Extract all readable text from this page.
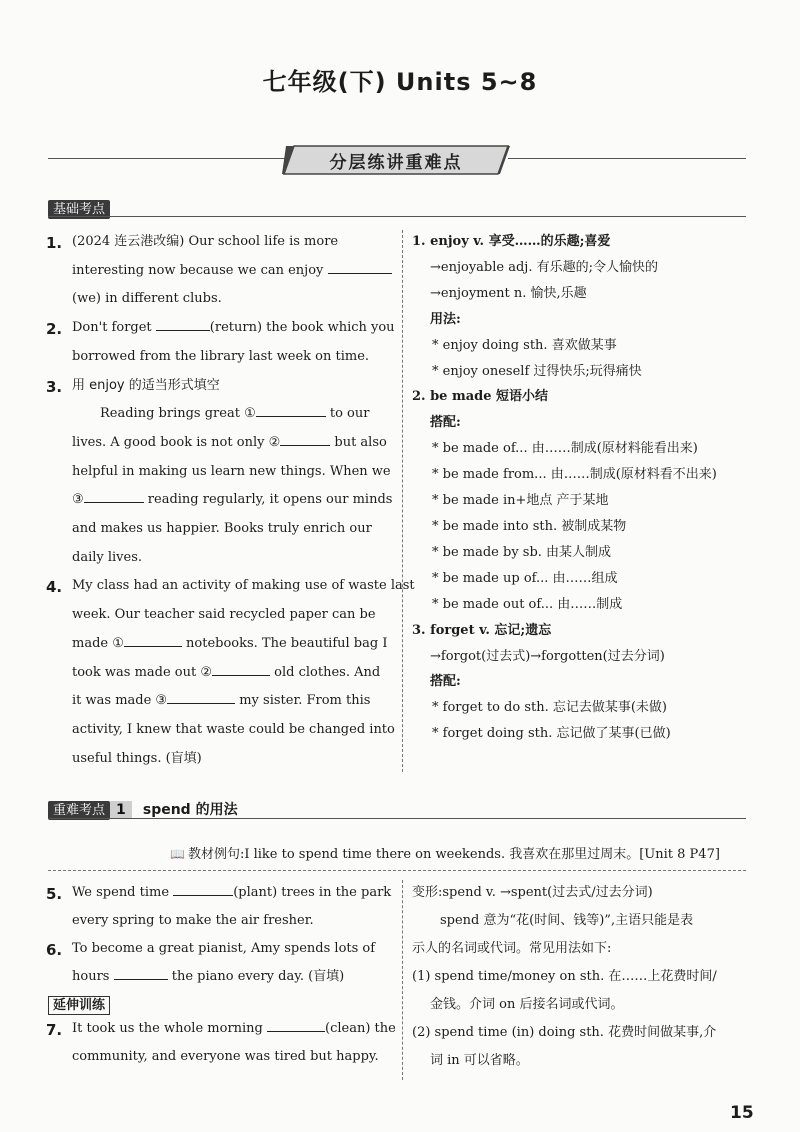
七年级(下) Units 5~8
分层练讲重难点
基础考点
1. (2024 连云港改编) Our school life is more
interesting now because we can enjoy
(we) in different clubs.
2. Don't forget	(return) the book which you
borrowed from the library last week on time.
3. 用 enjoy 的适当形式填空
Reading brings great ①	to our
lives. A good book is not only ②	but also
helpful in making us learn new things. When we
③	reading regularly, it opens our minds
and makes us happier. Books truly enrich our
daily lives.
4. My class had an activity of making use of waste last
week. Our teacher said recycled paper can be
made ①	notebooks. The beautiful bag I
took was made out ②	old clothes. And
it was made ③	my sister. From this
activity, I knew that waste could be changed into
useful things. (盲填)
1. enjoy v. 享受……的乐趣;喜爱
→enjoyable adj. 有乐趣的;令人愉快的
→enjoyment n. 愉快,乐趣
用法:
* enjoy doing sth. 喜欢做某事
* enjoy oneself 过得快乐;玩得痛快
2. be made 短语小结
搭配:
* be made of... 由……制成(原材料能看出来)
* be made from... 由……制成(原材料看不出来)
* be made in+地点 产于某地
* be made into sth. 被制成某物
* be made by sb. 由某人制成
* be made up of... 由……组成
* be made out of... 由……制成
3. forget v. 忘记;遗忘
→forgot(过去式)→forgotten(过去分词)
搭配:
* forget to do sth. 忘记去做某事(未做)
* forget doing sth. 忘记做了某事(已做)
重难考点 1 spend 的用法
📖 教材例句:I like to spend time there on weekends. 我喜欢在那里过周末。[Unit 8 P47]
5. We spend time	(plant) trees in the park
every spring to make the air fresher.
6. To become a great pianist, Amy spends lots of
hours	the piano every day. (盲填)
延伸训练
7. It took us the whole morning	(clean) the
community, and everyone was tired but happy.
变形:spend v. →spent(过去式/过去分词)
spend 意为“花(时间、钱等)”,主语只能是表
示人的名词或代词。常见用法如下:
(1) spend time/money on sth. 在……上花费时间/
金钱。介词 on 后接名词或代词。
(2) spend time (in) doing sth. 花费时间做某事,介
词 in 可以省略。
15
